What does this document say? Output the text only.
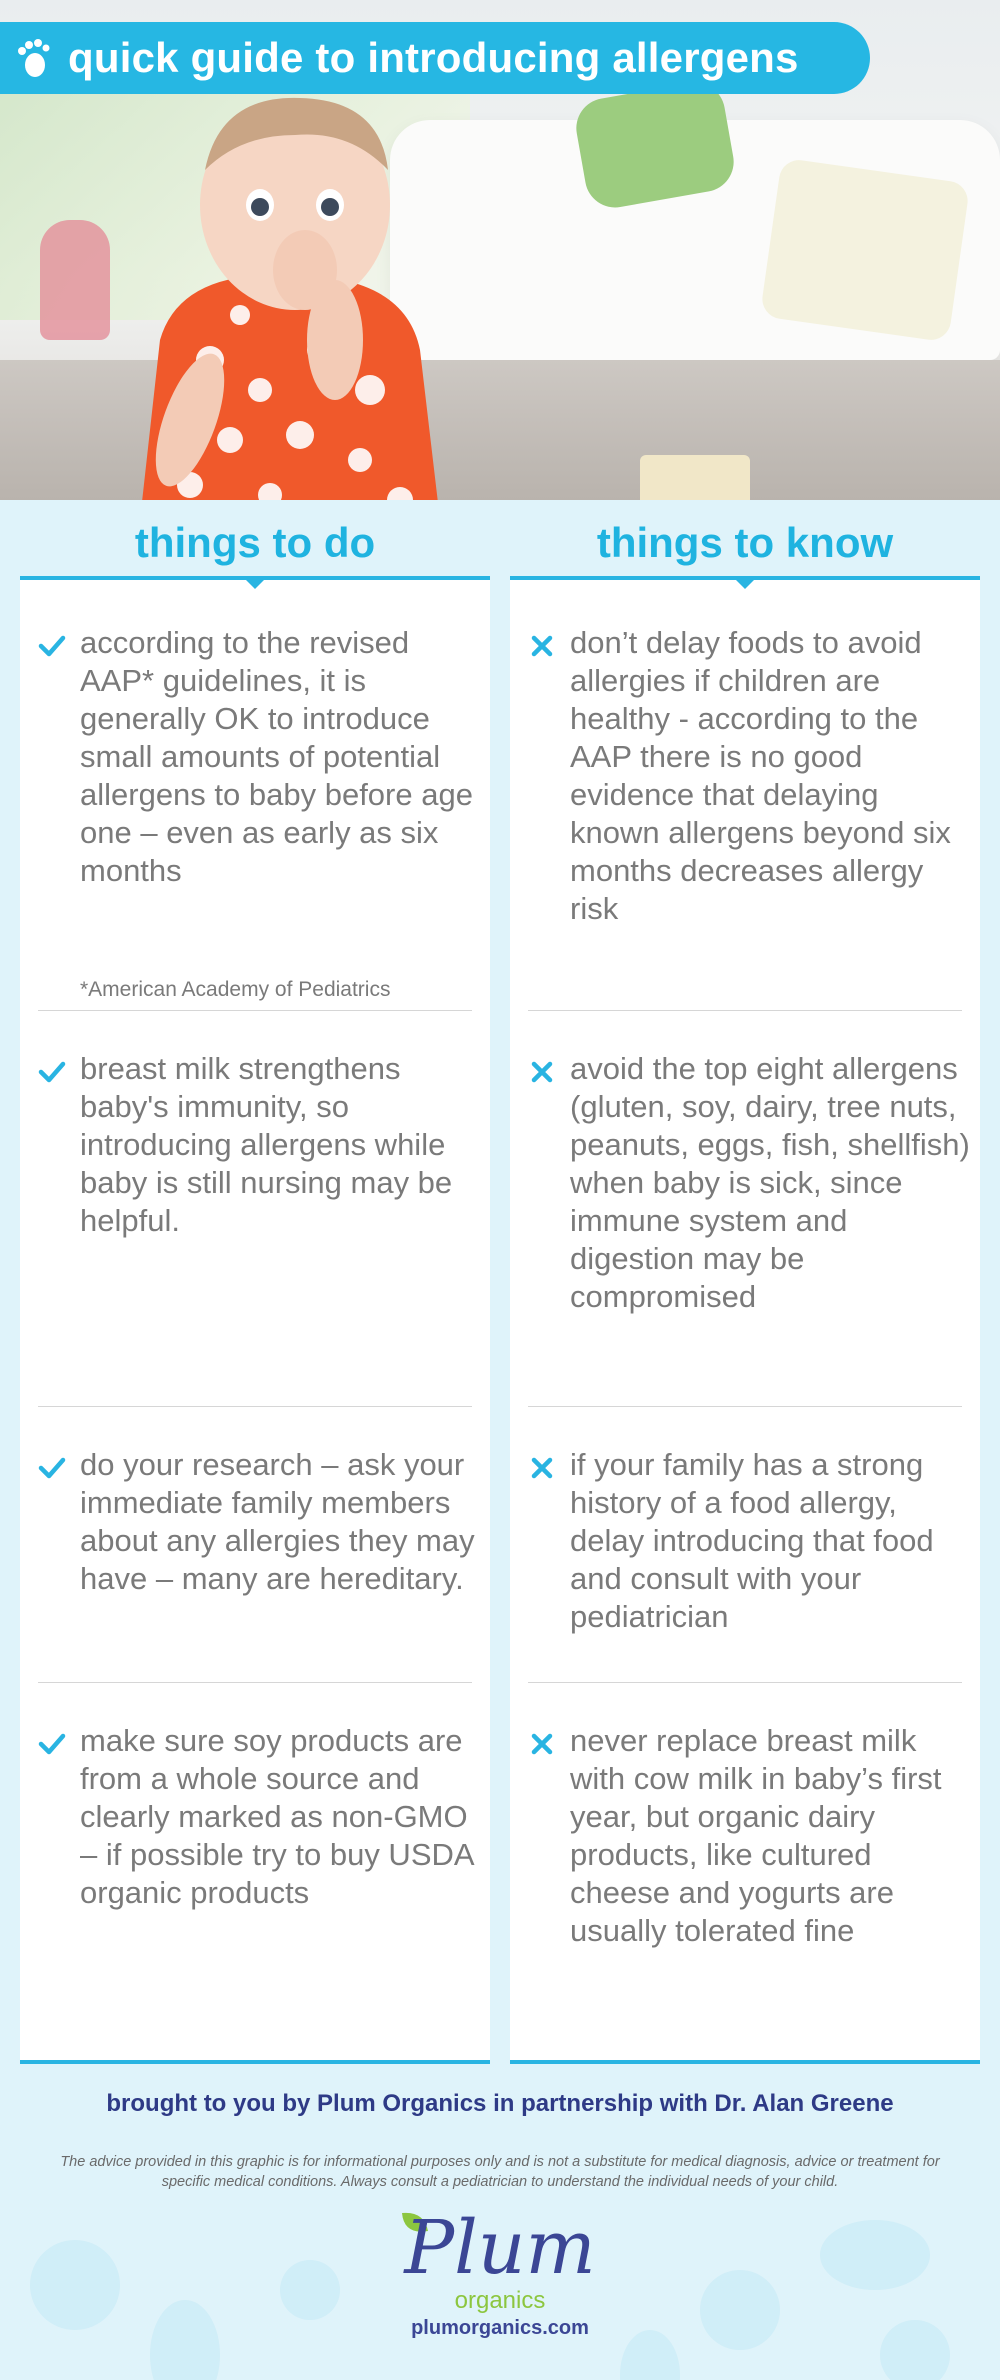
quick guide to introducing allergens
things to do	things to know
according to the revised AAP* guidelines, it is generally OK to introduce small amounts of potential allergens to baby before age one – even as early as six months
*American Academy of Pediatrics
breast milk strengthens baby's immunity, so introducing allergens while baby is still nursing may be helpful.
do your research – ask your immediate family members about any allergies they may have – many are hereditary.
make sure soy products are from a whole source and clearly marked as non-GMO – if possible try to buy USDA organic products
don’t delay foods to avoid allergies if children are healthy - according to the AAP there is no good evidence that delaying known allergens beyond six months decreases allergy risk
avoid the top eight allergens (gluten, soy, dairy, tree nuts, peanuts, eggs, fish, shellfish) when baby is sick, since immune system and digestion may be compromised
if your family has a strong history of a food allergy, delay introducing that food and consult with your pediatrician
never replace breast milk with cow milk in baby’s first year, but organic dairy products, like cultured cheese and yogurts are usually tolerated fine
brought to you by Plum Organics in partnership with Dr. Alan Greene
The advice provided in this graphic is for informational purposes only and is not a substitute for medical diagnosis, advice or treatment for specific medical conditions. Always consult a pediatrician to understand the individual needs of your child.
Plum
organics
plumorganics.com
